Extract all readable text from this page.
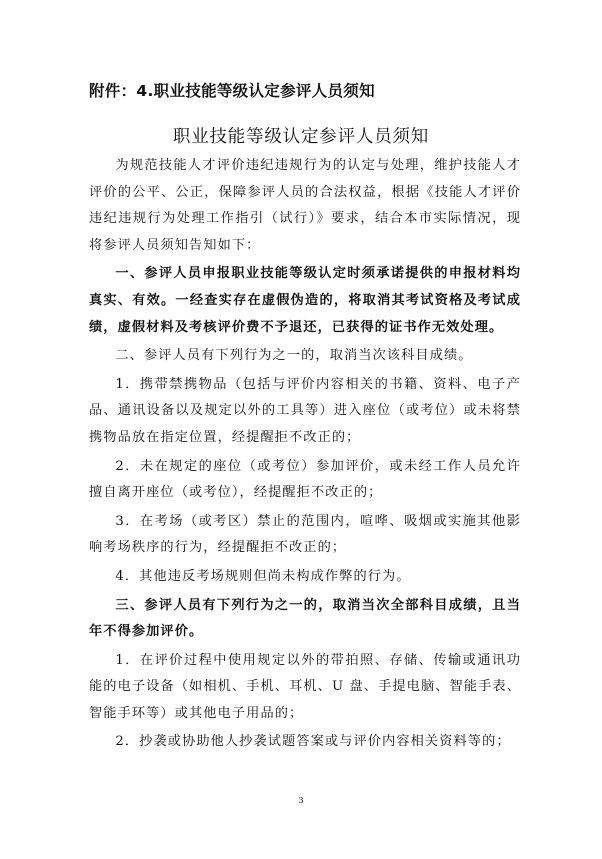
附件：4.职业技能等级认定参评人员须知
职业技能等级认定参评人员须知

为规范技能人才评价违纪违规行为的认定与处理，维护技能人才评价的公平、公正，保障参评人员的合法权益，根据《技能人才评价违纪违规行为处理工作指引（试行）》要求，结合本市实际情况，现将参评人员须知告知如下：

一、参评人员申报职业技能等级认定时须承诺提供的申报材料均真实、有效。一经查实存在虚假伪造的，将取消其考试资格及考试成绩，虚假材料及考核评价费不予退还，已获得的证书作无效处理。

二、参评人员有下列行为之一的，取消当次该科目成绩。

1．携带禁携物品（包括与评价内容相关的书籍、资料、电子产品、通讯设备以及规定以外的工具等）进入座位（或考位）或未将禁携物品放在指定位置，经提醒拒不改正的；

2．未在规定的座位（或考位）参加评价，或未经工作人员允许擅自离开座位（或考位），经提醒拒不改正的；

3．在考场（或考区）禁止的范围内，喧哗、吸烟或实施其他影响考场秩序的行为，经提醒拒不改正的；

4．其他违反考场规则但尚未构成作弊的行为。

三、参评人员有下列行为之一的，取消当次全部科目成绩，且当年不得参加评价。

1．在评价过程中使用规定以外的带拍照、存储、传输或通讯功能的电子设备（如相机、手机、耳机、U 盘、手提电脑、智能手表、智能手环等）或其他电子用品的；

2．抄袭或协助他人抄袭试题答案或与评价内容相关资料等的；

3
